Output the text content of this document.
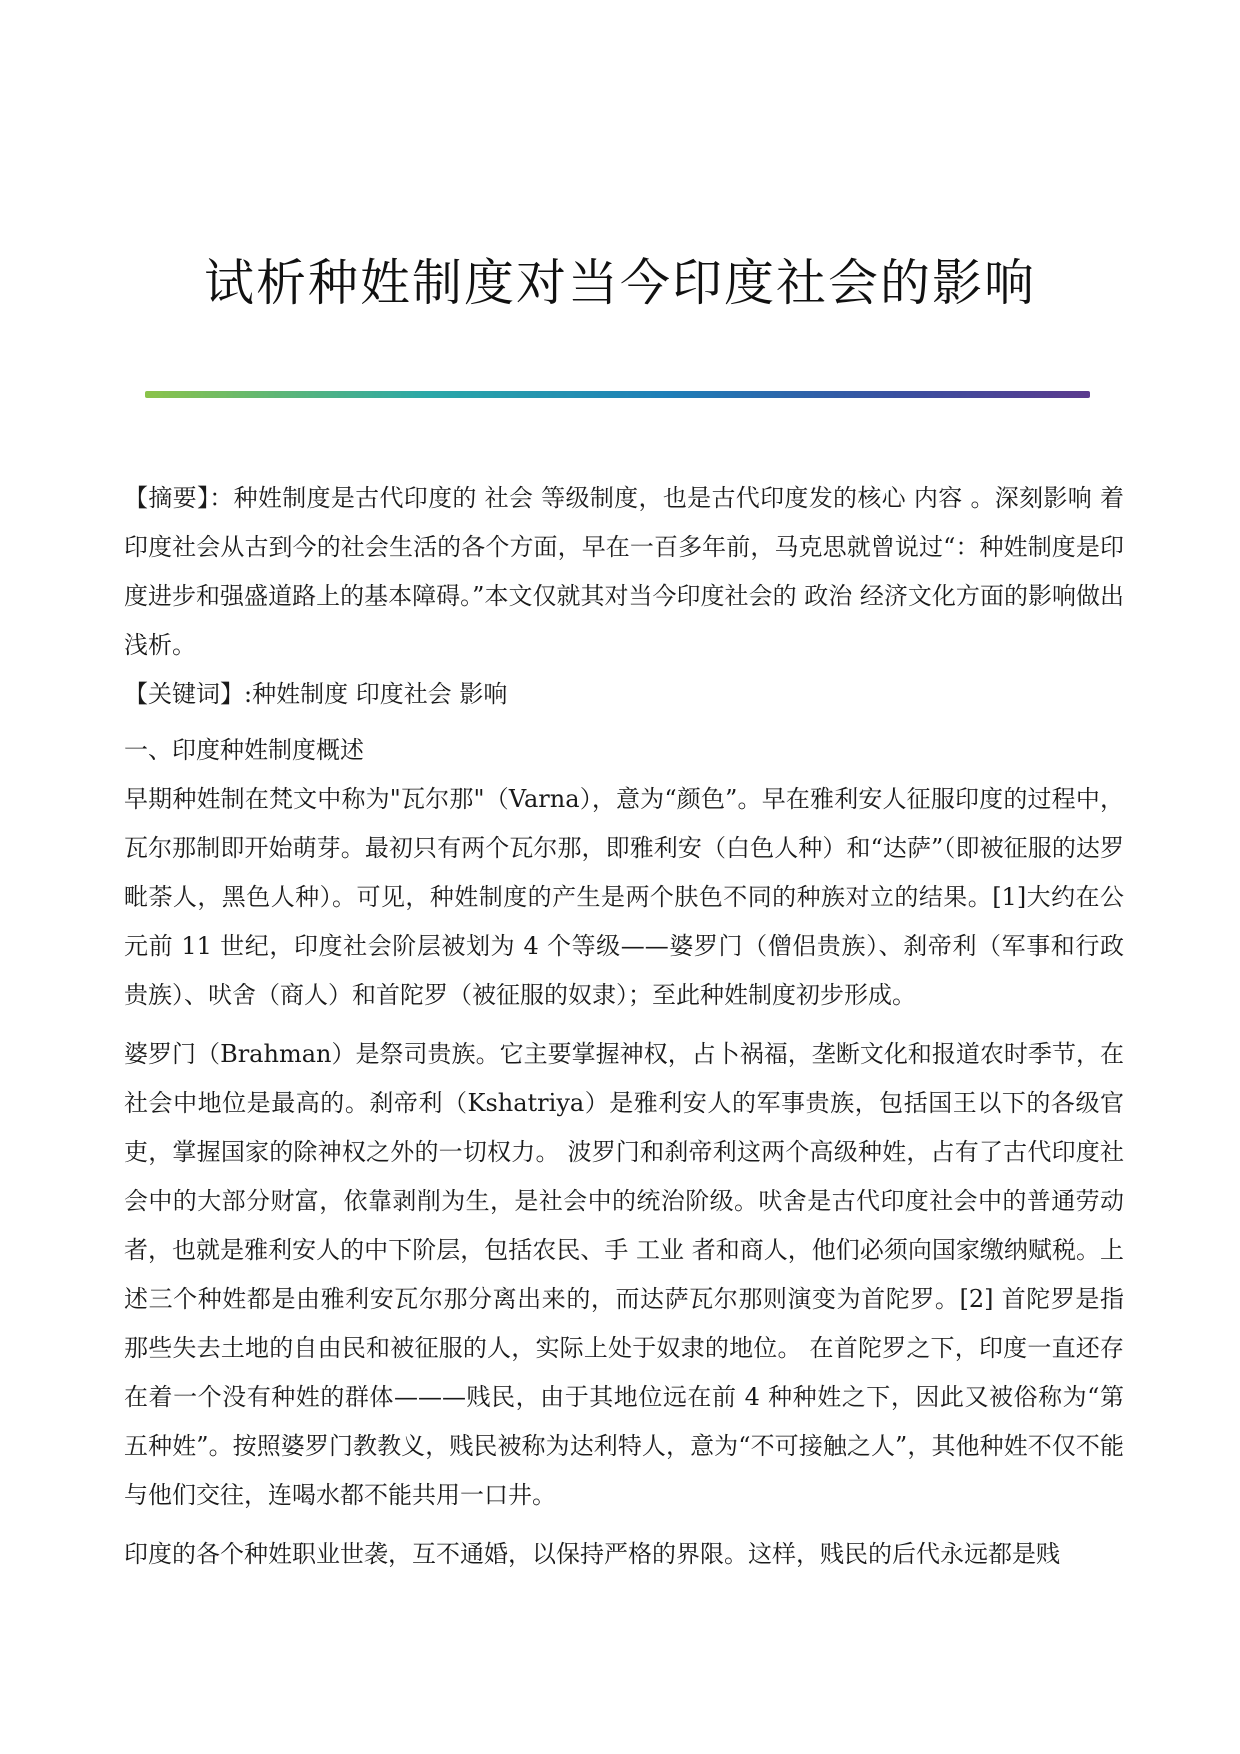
试析种姓制度对当今印度社会的影响

【摘要】：种姓制度是古代印度的 社会 等级制度，也是古代印度发的核心 内容 。深刻影响 着印度社会从古到今的社会生活的各个方面，早在一百多年前，马克思就曾说过“：种姓制度是印度进步和强盛道路上的基本障碍。”本文仅就其对当今印度社会的 政治 经济文化方面的影响做出浅析。

【关键词】:种姓制度 印度社会 影响

一、印度种姓制度概述

早期种姓制在梵文中称为"瓦尔那"（Varna），意为“颜色”。早在雅利安人征服印度的过程中，瓦尔那制即开始萌芽。最初只有两个瓦尔那，即雅利安（白色人种）和“达萨”（即被征服的达罗毗荼人，黑色人种）。可见，种姓制度的产生是两个肤色不同的种族对立的结果。[1]大约在公元前 11 世纪，印度社会阶层被划为 4 个等级——婆罗门（僧侣贵族）、刹帝利（军事和行政贵族）、吠舍（商人）和首陀罗（被征服的奴隶）；至此种姓制度初步形成。

婆罗门（Brahman）是祭司贵族。它主要掌握神权，占卜祸福，垄断文化和报道农时季节，在社会中地位是最高的。刹帝利（Kshatriya）是雅利安人的军事贵族，包括国王以下的各级官吏，掌握国家的除神权之外的一切权力。 波罗门和刹帝利这两个高级种姓，占有了古代印度社会中的大部分财富，依靠剥削为生，是社会中的统治阶级。吠舍是古代印度社会中的普通劳动者，也就是雅利安人的中下阶层，包括农民、手 工业 者和商人，他们必须向国家缴纳赋税。上述三个种姓都是由雅利安瓦尔那分离出来的，而达萨瓦尔那则演变为首陀罗。[2] 首陀罗是指那些失去土地的自由民和被征服的人，实际上处于奴隶的地位。 在首陀罗之下，印度一直还存在着一个没有种姓的群体———贱民，由于其地位远在前 4 种种姓之下，因此又被俗称为“第五种姓”。按照婆罗门教教义，贱民被称为达利特人，意为“不可接触之人”，其他种姓不仅不能与他们交往，连喝水都不能共用一口井。

印度的各个种姓职业世袭，互不通婚，以保持严格的界限。这样，贱民的后代永远都是贱
